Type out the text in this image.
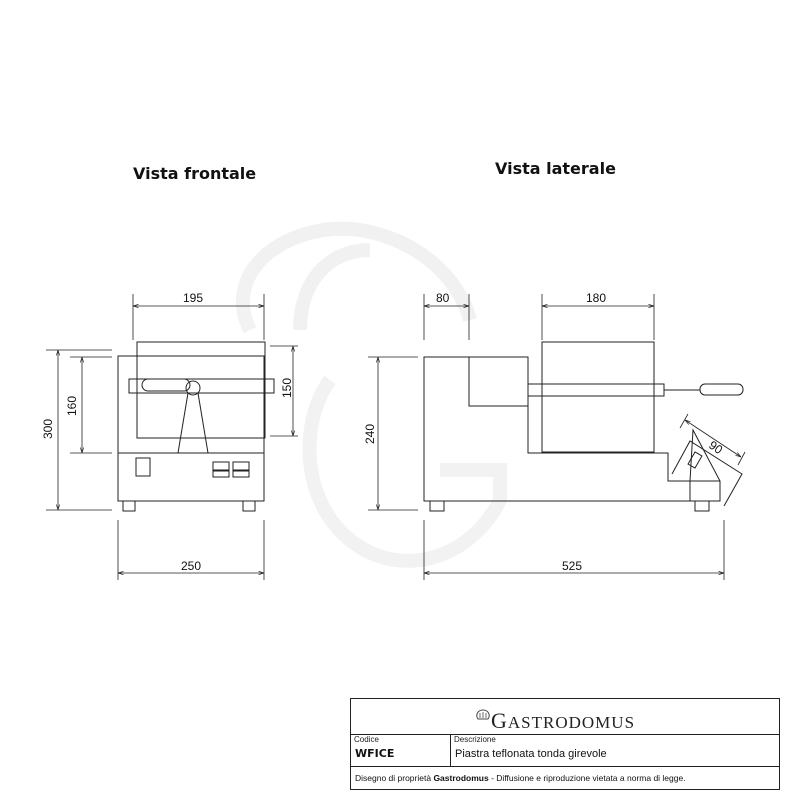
Vista frontale	Vista laterale
195
300
160
150
250
80	180
240
90
525
GASTRODOMUS
Codice
WFICE
Descrizione
Piastra teflonata tonda girevole
Disegno di proprietà Gastrodomus - Diffusione e riproduzione vietata a norma di legge.
